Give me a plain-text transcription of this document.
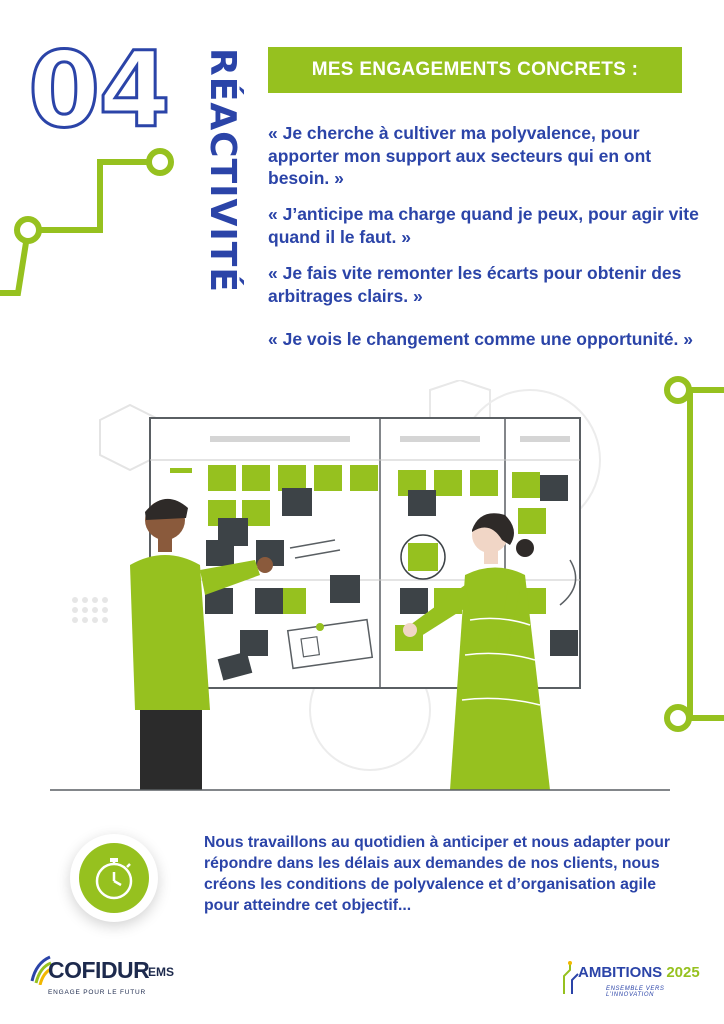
04 RÉACTIVITÉ	MES ENGAGEMENTS CONCRETS :

« Je cherche à cultiver ma polyvalence, pour apporter mon support aux secteurs qui en ont besoin. »

« J’anticipe ma charge quand je peux, pour agir vite quand il le faut. »

« Je fais vite remonter les écarts pour obtenir des arbitrages clairs. »

« Je vois le changement comme une opportunité. »

Nous travaillons au quotidien à anticiper et nous adapter pour répondre dans les délais aux demandes de nos clients, nous créons les conditions de polyvalence et d’organisation agile pour atteindre cet objectif...

COFIDUR
EMS
ENGAGE POUR LE FUTUR
AMBITIONS 2025
ENSEMBLE VERS L’INNOVATION
